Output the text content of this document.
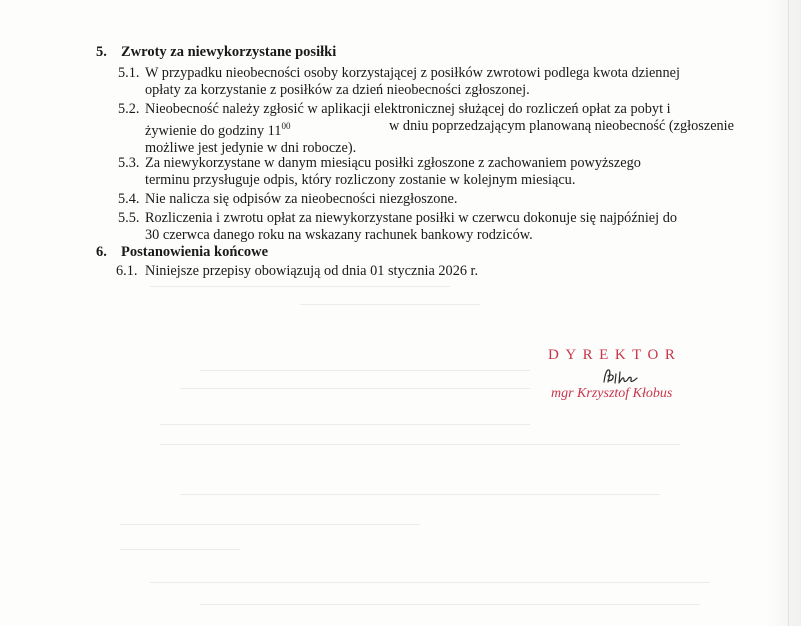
5. Zwroty za niewykorzystane posiłki
5.1. W przypadku nieobecności osoby korzystającej z posiłków zwrotowi podlega kwota dziennej
opłaty za korzystanie z posiłków za dzień nieobecności zgłoszonej.
5.2. Nieobecność należy zgłosić w aplikacji elektronicznej służącej do rozliczeń opłat za pobyt i
żywienie do godziny $11^{00}$	w dniu poprzedzającym planowaną nieobecność (zgłoszenie
możliwe jest jedynie w dni robocze).
5.3. Za niewykorzystane w danym miesiącu posiłki zgłoszone z zachowaniem powyższego
terminu przysługuje odpis, który rozliczony zostanie w kolejnym miesiącu.
5.4. Nie nalicza się odpisów za nieobecności niezgłoszone.
5.5. Rozliczenia i zwrotu opłat za niewykorzystane posiłki w czerwcu dokonuje się najpóźniej do
30 czerwca danego roku na wskazany rachunek bankowy rodziców.
6. Postanowienia końcowe
6.1. Niniejsze przepisy obowiązują od dnia 01 stycznia 2026 r.
DYREKTOR
mgr Krzysztof Kłobus
